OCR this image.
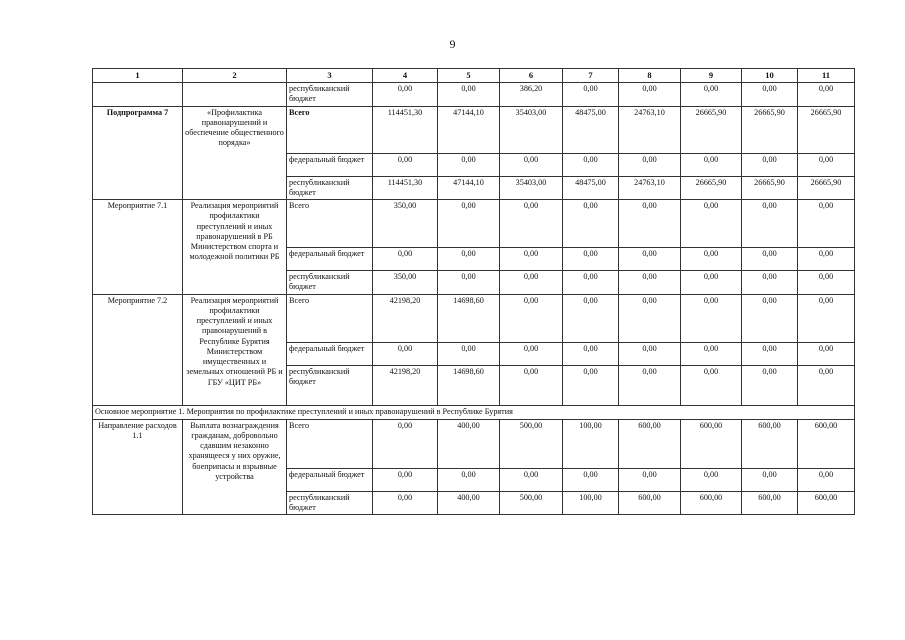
9
1	2	3	4	5	6	7	8	9	10	11
		республиканский бюджет	0,00	0,00	386,20	0,00	0,00	0,00	0,00	0,00
Подпрограмма 7	«Профилактика правонарушений и обеспечение общественного порядка»	Всего	114451,30	47144,10	35403,00	48475,00	24763,10	26665,90	26665,90	26665,90
		федеральный бюджет	0,00	0,00	0,00	0,00	0,00	0,00	0,00	0,00
		республиканский бюджет	114451,30	47144,10	35403,00	48475,00	24763,10	26665,90	26665,90	26665,90
Мероприятие 7.1	Реализация мероприятий профилактики преступлений и иных правонарушений в РБ Министерством спорта и молодежной политики РБ	Всего	350,00	0,00	0,00	0,00	0,00	0,00	0,00	0,00
		федеральный бюджет	0,00	0,00	0,00	0,00	0,00	0,00	0,00	0,00
		республиканский бюджет	350,00	0,00	0,00	0,00	0,00	0,00	0,00	0,00
Мероприятие 7.2	Реализация мероприятий профилактики преступлений и иных правонарушений в Республике Бурятия Министерством имущественных и земельных отношений РБ и ГБУ «ЦИТ РБ»	Всего	42198,20	14698,60	0,00	0,00	0,00	0,00	0,00	0,00
		федеральный бюджет	0,00	0,00	0,00	0,00	0,00	0,00	0,00	0,00
		республиканский бюджет	42198,20	14698,60	0,00	0,00	0,00	0,00	0,00	0,00
Основное мероприятие 1. Мероприятия по профилактике преступлений и иных правонарушений в Республике Бурятия										
Направление расходов 1.1	Выплата вознаграждения гражданам, добровольно сдавшим незаконно хранящееся у них оружие, боеприпасы и взрывные устройства	Всего	0,00	400,00	500,00	100,00	600,00	600,00	600,00	600,00
		федеральный бюджет	0,00	0,00	0,00	0,00	0,00	0,00	0,00	0,00
		республиканский бюджет	0,00	400,00	500,00	100,00	600,00	600,00	600,00	600,00
